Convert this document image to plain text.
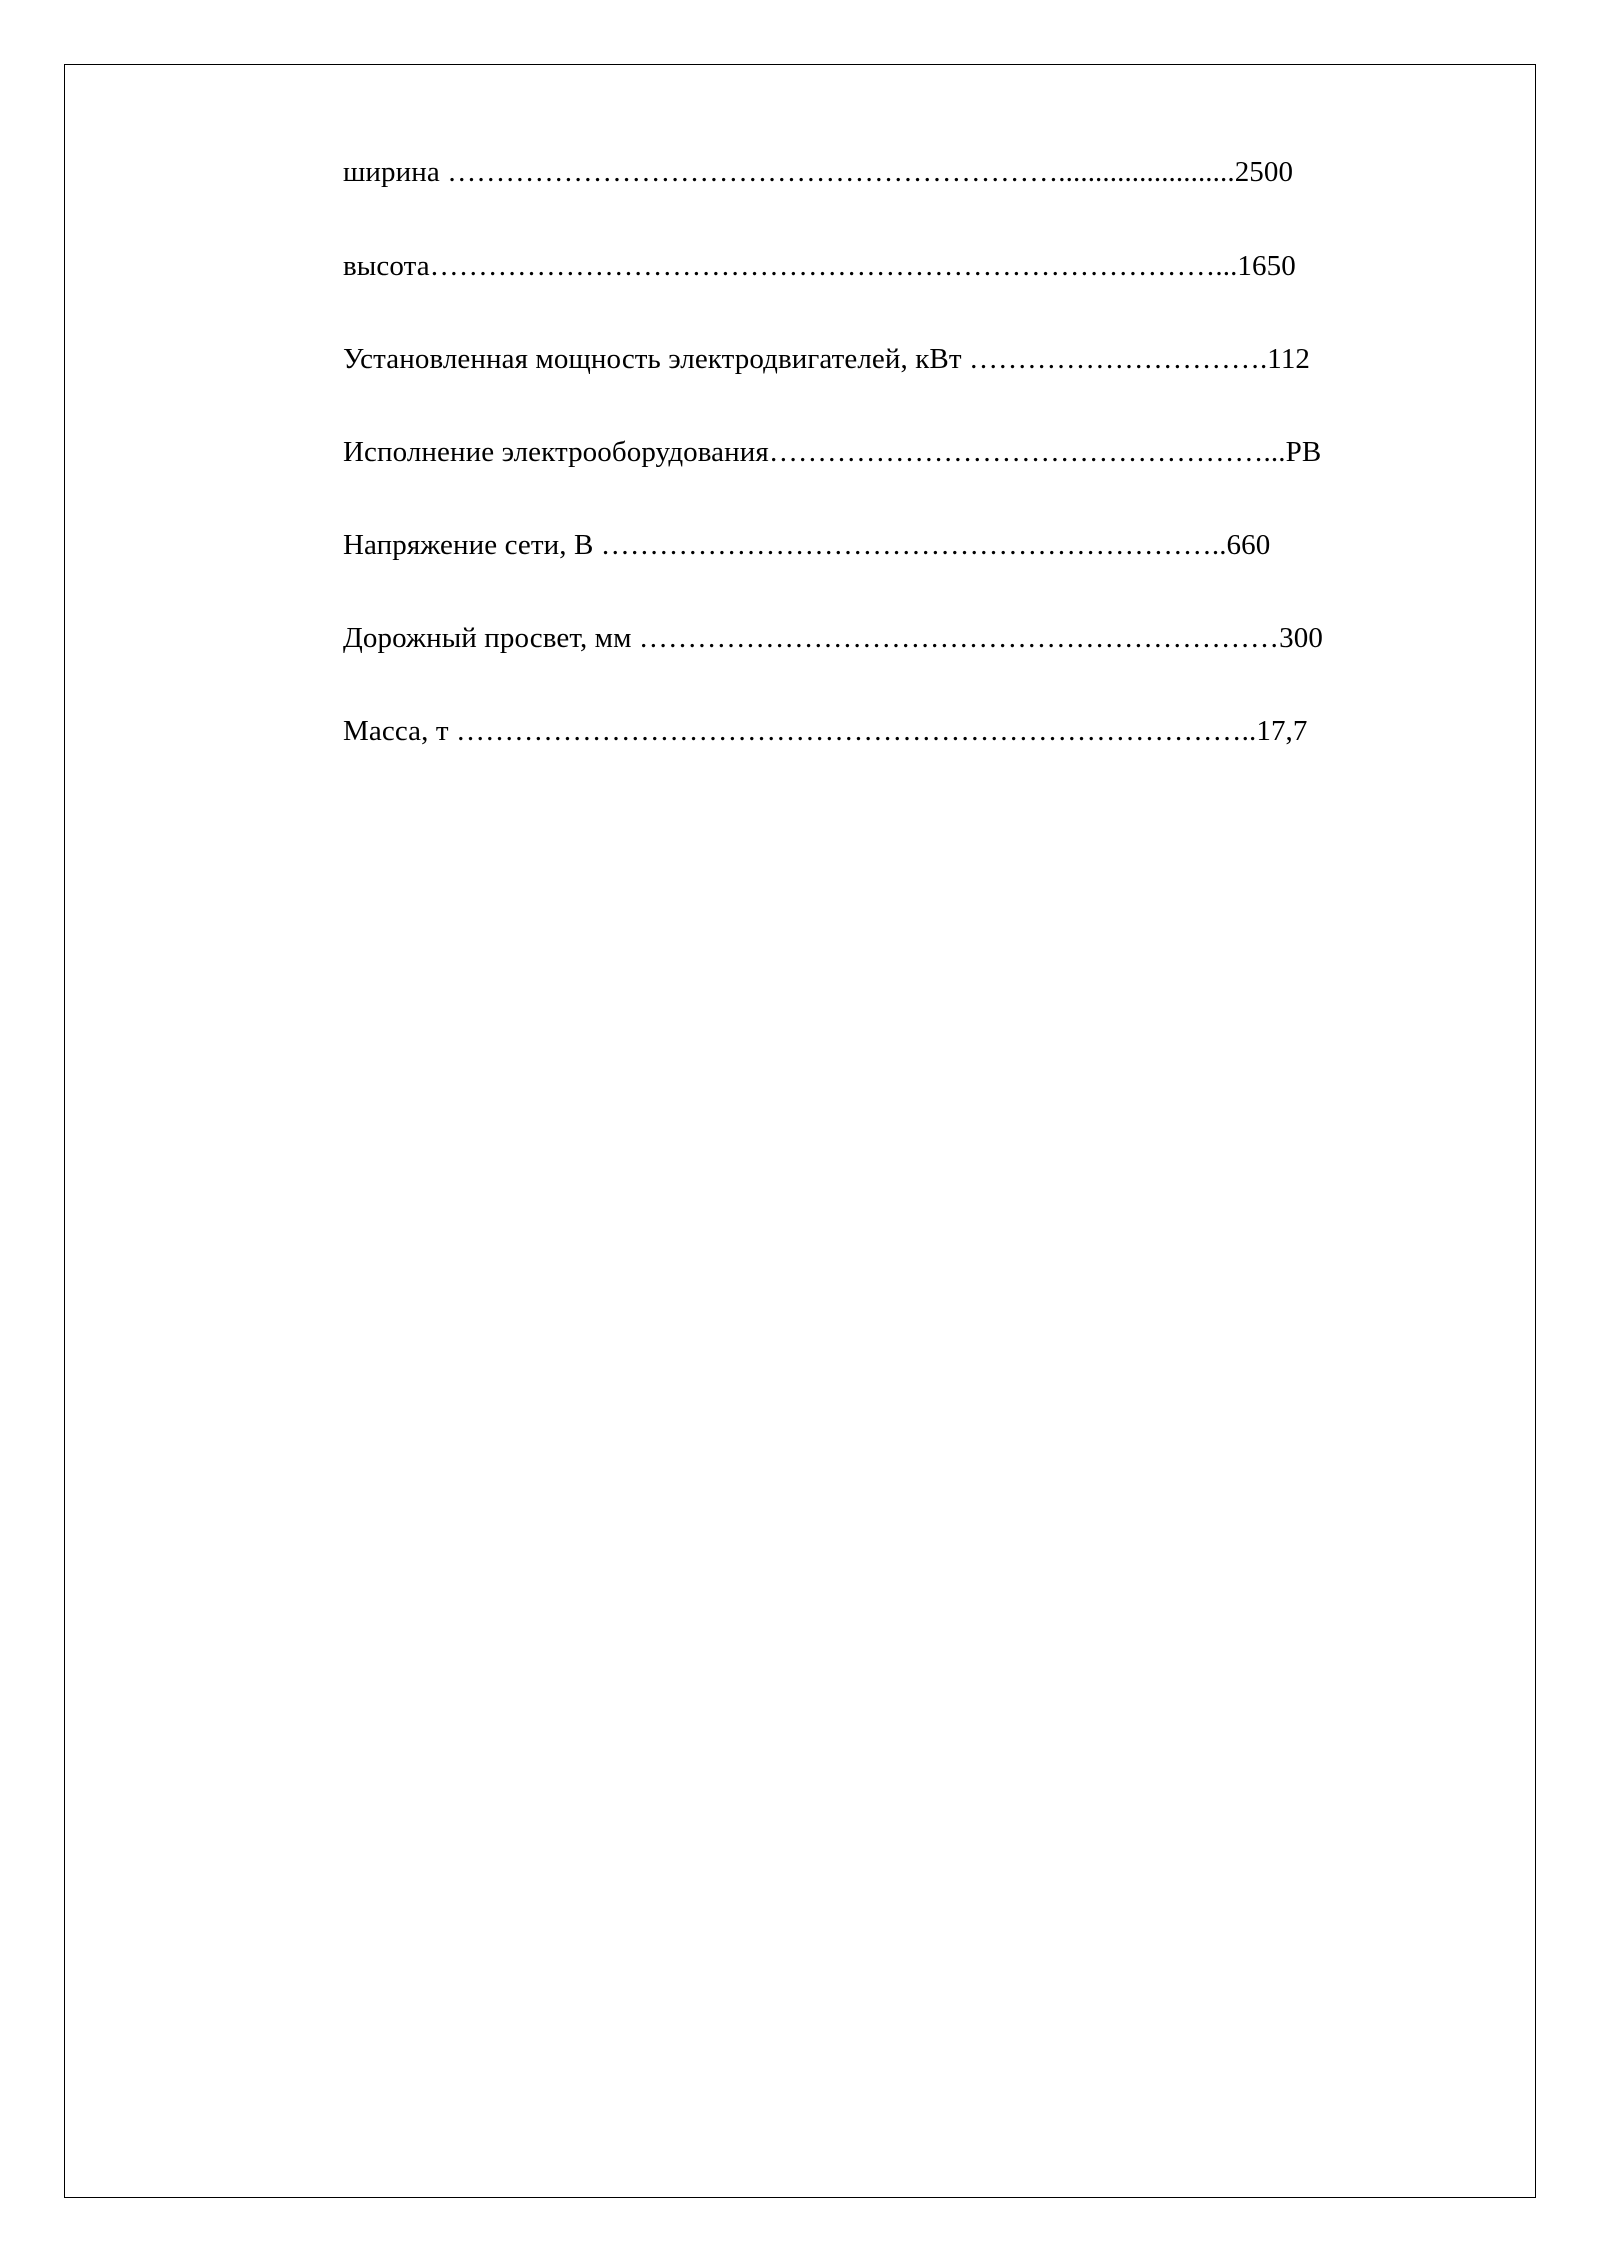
ширина ………………………………………………………........................2500
высота………………………………………………………………………...1650
Установленная мощность электродвигателей, кВт ………………………….112
Исполнение электрооборудования……………………………………………...РВ
Напряжение сети, В ………………………………………………………..660
Дорожный просвет, мм …………………………………………………………300
Масса, т ………………………………………………………………………..17,7
